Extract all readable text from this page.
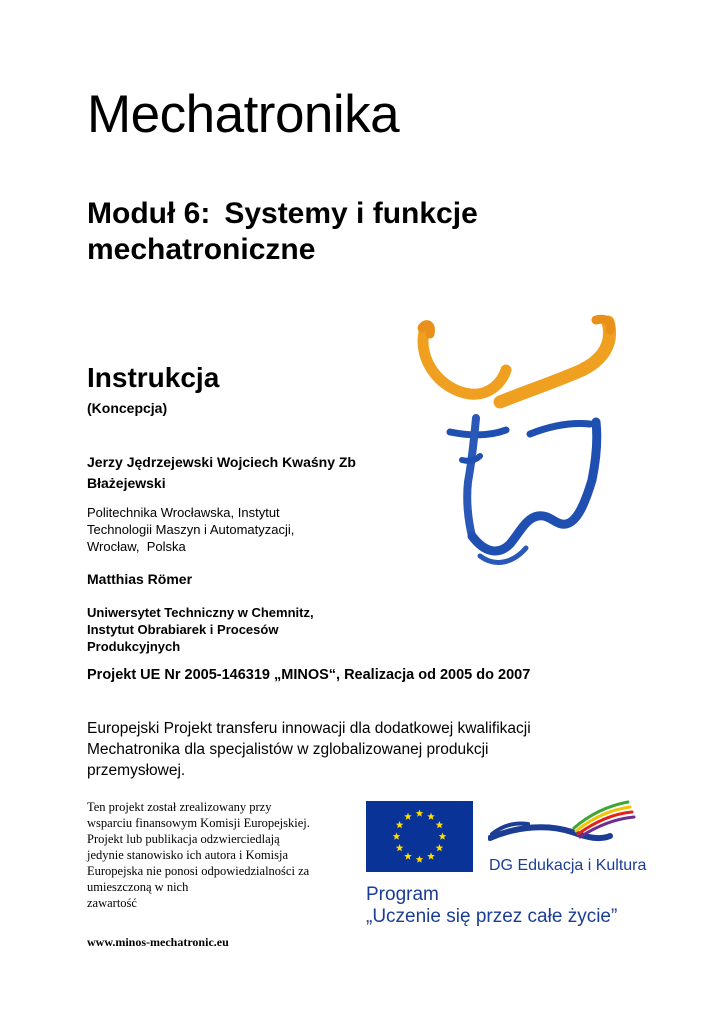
Mechatronika
Moduł 6: Systemy i funkcje
mechatroniczne
Instrukcja
(Koncepcja)
Jerzy Jędrzejewski Wojciech Kwaśny Zb
Błażejewski
Politechnika Wrocławska, Instytut
Technologii Maszyn i Automatyzacji,
Wrocław,  Polska
Matthias Römer
Uniwersytet Techniczny w Chemnitz,
Instytut Obrabiarek i Procesów
Produkcyjnych
Projekt UE Nr 2005-146319 „MINOS“, Realizacja od 2005 do 2007
Europejski Projekt transferu innowacji dla dodatkowej kwalifikacji
Mechatronika dla specjalistów w zglobalizowanej produkcji
przemysłowej.
Ten projekt został zrealizowany przy
wsparciu finansowym Komisji Europejskiej.
Projekt lub publikacja odzwierciedlają
jedynie stanowisko ich autora i Komisja
Europejska nie ponosi odpowiedzialności za
umieszczoną w nich
zawartość
www.minos-mechatronic.eu
DG Edukacja i Kultura
Program
„Uczenie się przez całe życie”
